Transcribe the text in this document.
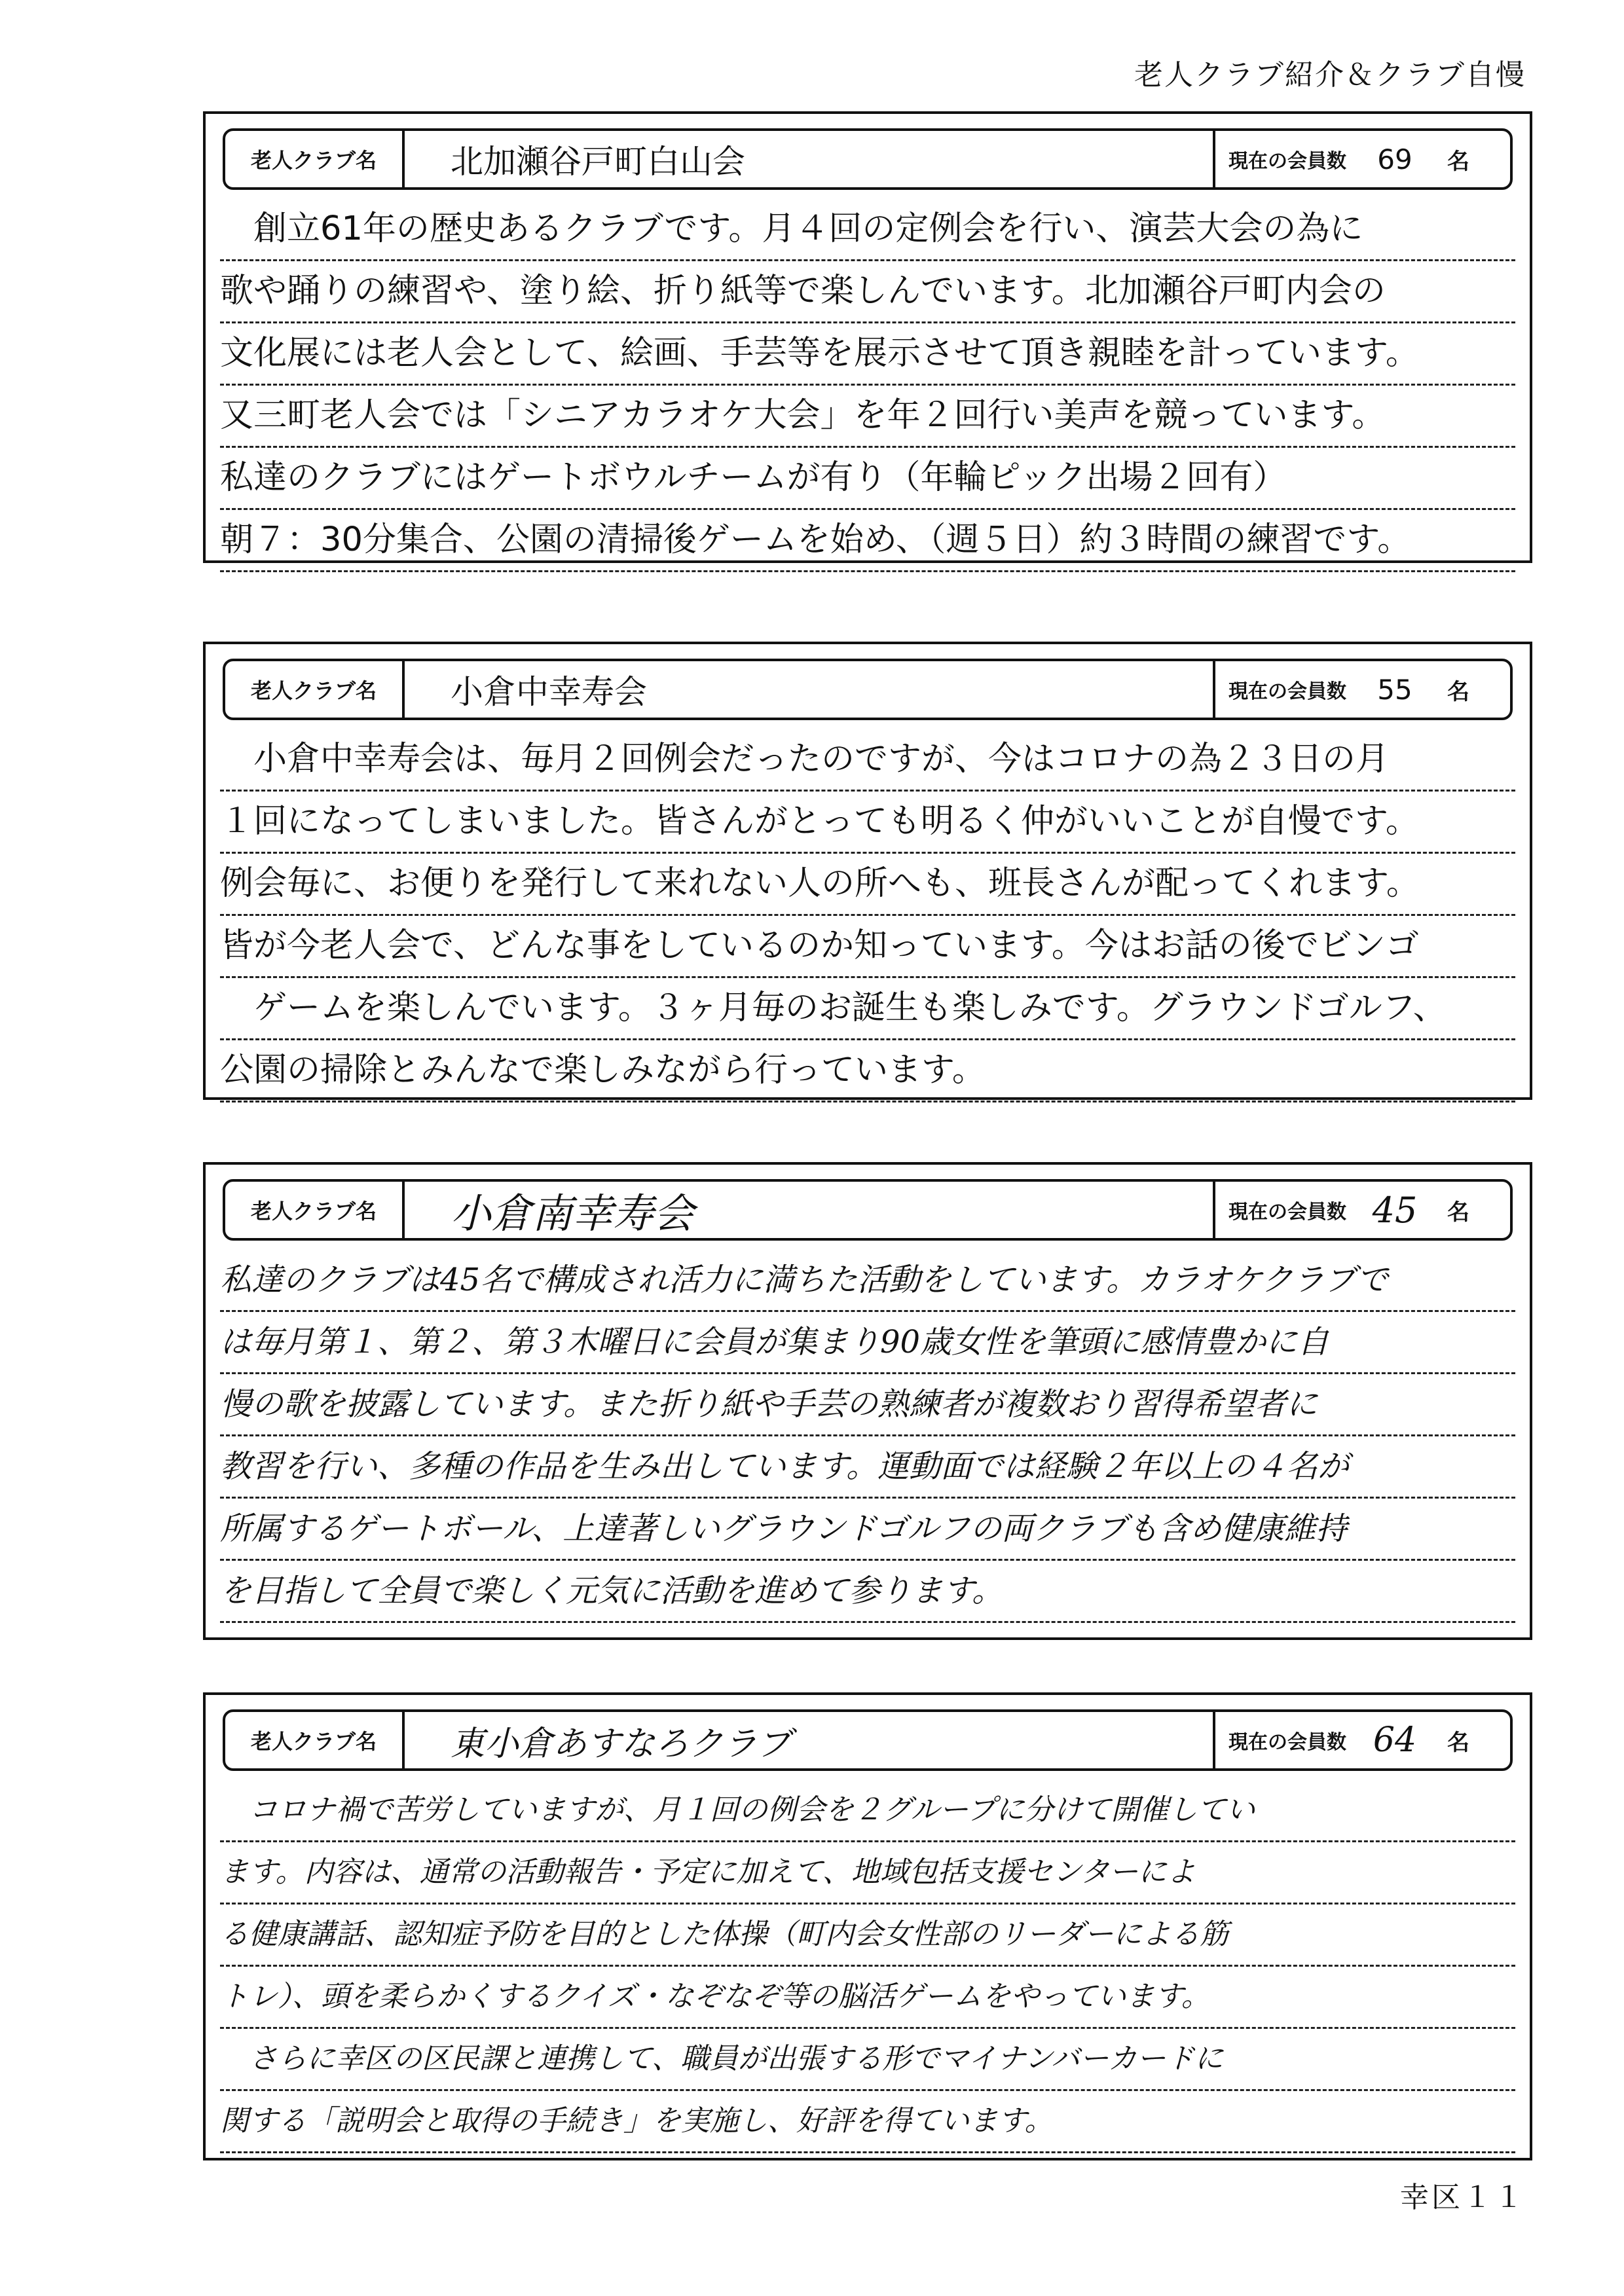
老人クラブ紹介＆クラブ自慢
老人クラブ名	北加瀬谷戸町白山会	現在の会員数	69	名
　創立61年の歴史あるクラブです。月４回の定例会を行い、演芸大会の為に
歌や踊りの練習や、塗り絵、折り紙等で楽しんでいます。北加瀬谷戸町内会の
文化展には老人会として、絵画、手芸等を展示させて頂き親睦を計っています。
又三町老人会では「シニアカラオケ大会」を年２回行い美声を競っています。
私達のクラブにはゲートボウルチームが有り（年輪ピック出場２回有）
朝７：30分集合、公園の清掃後ゲームを始め、（週５日）約３時間の練習です。
老人クラブ名	小倉中幸寿会	現在の会員数	55	名
　小倉中幸寿会は、毎月２回例会だったのですが、今はコロナの為２３日の月
１回になってしまいました。皆さんがとっても明るく仲がいいことが自慢です。
例会毎に、お便りを発行して来れない人の所へも、班長さんが配ってくれます。
皆が今老人会で、どんな事をしているのか知っています。今はお話の後でビンゴ
　ゲームを楽しんでいます。３ヶ月毎のお誕生も楽しみです。グラウンドゴルフ、
公園の掃除とみんなで楽しみながら行っています。
老人クラブ名	小倉南幸寿会	現在の会員数 45 名
私達のクラブは45名で構成され活力に満ちた活動をしています。カラオケクラブで
は毎月第１、第２、第３木曜日に会員が集まり90歳女性を筆頭に感情豊かに自
慢の歌を披露しています。また折り紙や手芸の熟練者が複数おり習得希望者に
教習を行い、多種の作品を生み出しています。運動面では経験２年以上の４名が
所属するゲートボール、上達著しいグラウンドゴルフの両クラブも含め健康維持
を目指して全員で楽しく元気に活動を進めて参ります。
老人クラブ名	東小倉あすなろクラブ	現在の会員数 64 名
　コロナ禍で苦労していますが、月１回の例会を２グループに分けて開催してい
ます。内容は、通常の活動報告・予定に加えて、地域包括支援センターによ
る健康講話、認知症予防を目的とした体操（町内会女性部のリーダーによる筋
トレ）、頭を柔らかくするクイズ・なぞなぞ等の脳活ゲームをやっています。
　さらに幸区の区民課と連携して、職員が出張する形でマイナンバーカードに
関する「説明会と取得の手続き」を実施し、好評を得ています。
幸区１１
